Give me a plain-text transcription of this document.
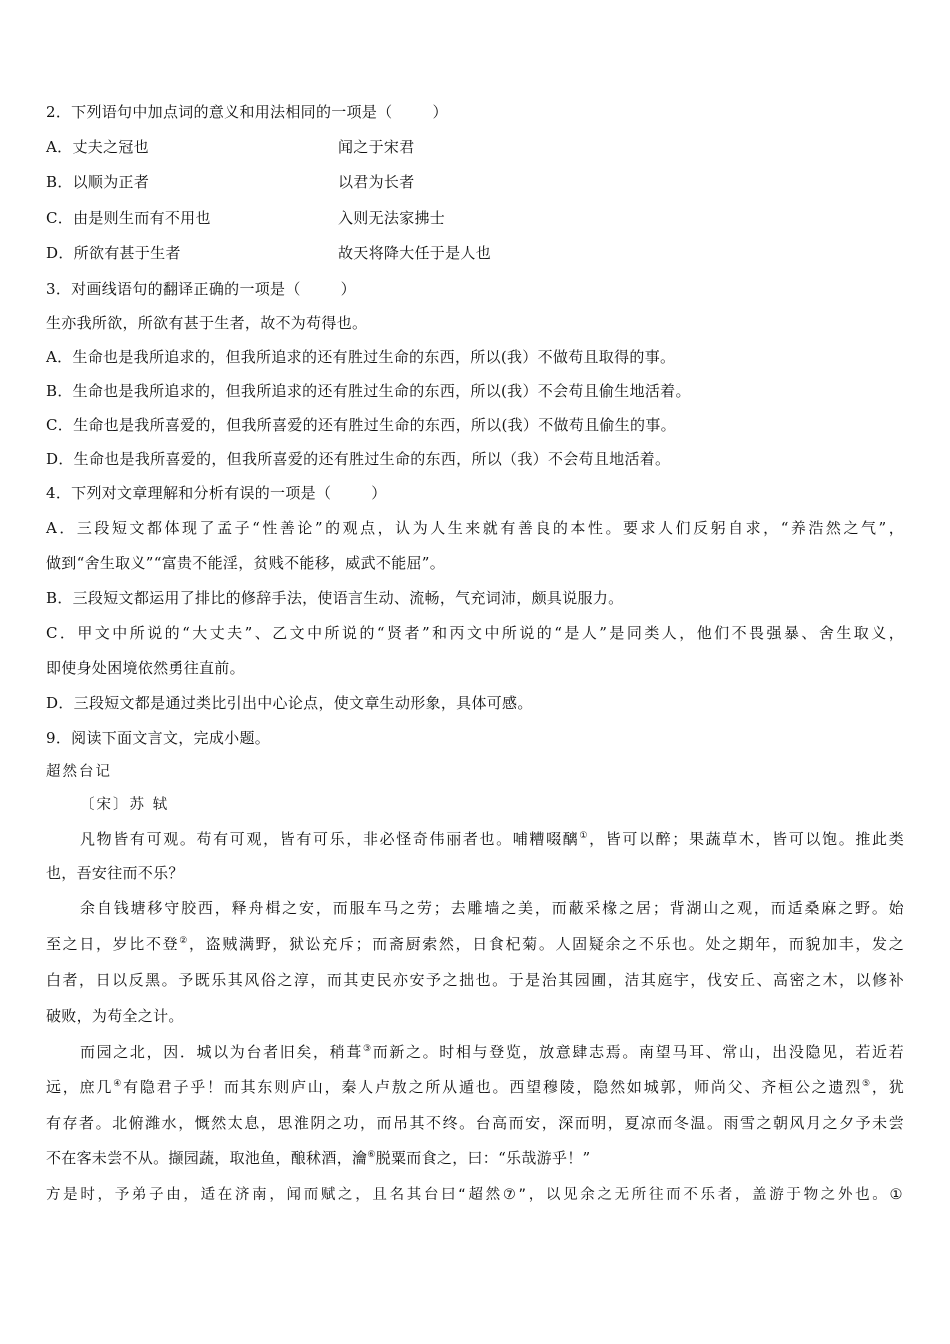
2．下列语句中加点词的意义和用法相同的一项是（	）
A．丈夫之冠也	闻之于宋君
B．以顺为正者	以君为长者
C．由是则生而有不用也	入则无法家拂士
D．所欲有甚于生者	故天将降大任于是人也
3．对画线语句的翻译正确的一项是（	）
生亦我所欲，所欲有甚于生者，故不为苟得也。
A．生命也是我所追求的，但我所追求的还有胜过生命的东西，所以(我）不做苟且取得的事。
B．生命也是我所追求的，但我所追求的还有胜过生命的东西，所以(我）不会苟且偷生地活着。
C．生命也是我所喜爱的，但我所喜爱的还有胜过生命的东西，所以(我）不做苟且偷生的事。
D．生命也是我所喜爱的，但我所喜爱的还有胜过生命的东西，所以（我）不会苟且地活着。
4．下列对文章理解和分析有误的一项是（	）
A．三段短文都体现了孟子“性善论”的观点，认为人生来就有善良的本性。要求人们反躬自求，“养浩然之气”，
做到“舍生取义”“富贵不能淫，贫贱不能移，威武不能屈”。
B．三段短文都运用了排比的修辞手法，使语言生动、流畅，气充词沛，颇具说服力。
C．甲文中所说的“大丈夫”、乙文中所说的“贤者”和丙文中所说的“是人”是同类人，他们不畏强暴、舍生取义，
即使身处困境依然勇往直前。
D．三段短文都是通过类比引出中心论点，使文章生动形象，具体可感。
9．阅读下面文言文，完成小题。
超然台记
〔宋〕苏 轼
凡物皆有可观。苟有可观，皆有可乐，非必怪奇伟丽者也。哺糟啜醨①，皆可以醉；果蔬草木，皆可以饱。推此类
也，吾安往而不乐？
余自钱塘移守胶西，释舟楫之安，而服车马之劳；去雕墙之美，而蔽采椽之居；背湖山之观，而适桑麻之野。始
至之日，岁比不登②，盗贼满野，狱讼充斥；而斋厨索然，日食杞菊。人固疑余之不乐也。处之期年，而貌加丰，发之
白者，日以反黑。予既乐其风俗之淳，而其吏民亦安予之拙也。于是治其园圃，洁其庭宇，伐安丘、高密之木，以修补
破败，为苟全之计。
而园之北，因．城以为台者旧矣，稍葺③而新之。时相与登览，放意肆志焉。南望马耳、常山，出没隐见，若近若
远，庶几④有隐君子乎！而其东则庐山，秦人卢敖之所从遁也。西望穆陵，隐然如城郭，师尚父、齐桓公之遗烈⑤，犹
有存者。北俯潍水，慨然太息，思淮阴之功，而吊其不终。台高而安，深而明，夏凉而冬温。雨雪之朝风月之夕予未尝
不在客未尝不从。撷园蔬，取池鱼，酿秫酒，瀹⑥脱粟而食之，曰：“乐哉游乎！”
方是时，予弟子由，适在济南，闻而赋之，且名其台曰“超然⑦”，以见余之无所往而不乐者，盖游于物之外也。①
